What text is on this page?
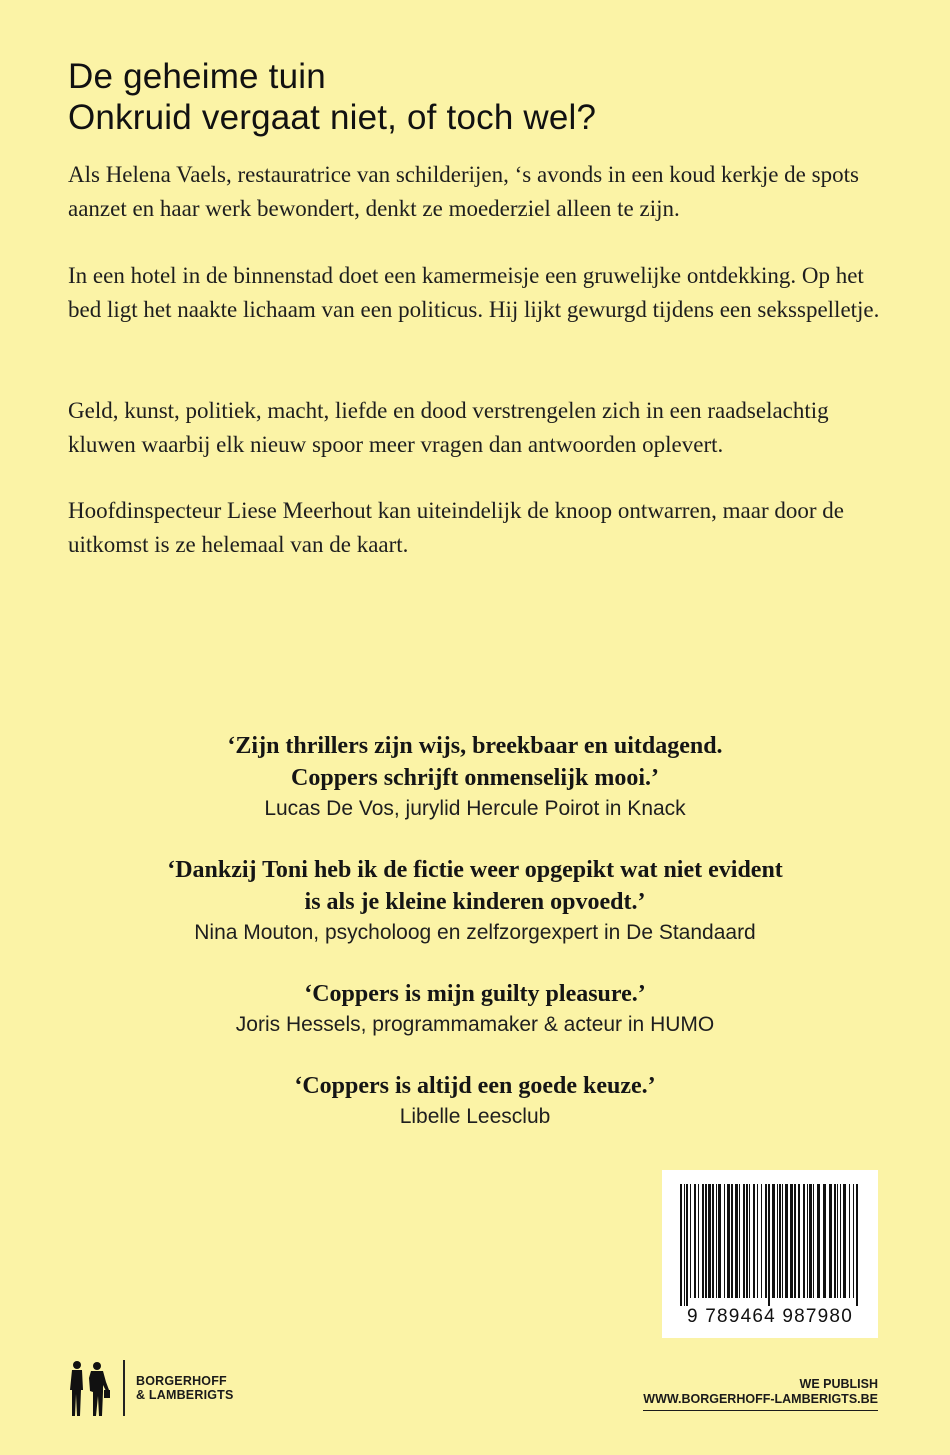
De geheime tuin
Onkruid vergaat niet, of toch wel?
Als Helena Vaels, restauratrice van schilderijen, ‘s avonds in een koud kerkje de spots aanzet en haar werk bewondert, denkt ze moederziel alleen te zijn.
In een hotel in de binnenstad doet een kamermeisje een gruwelijke ontdekking. Op het bed ligt het naakte lichaam van een politicus. Hij lijkt gewurgd tijdens een seksspelletje.
Geld, kunst, politiek, macht, liefde en dood verstrengelen zich in een raadselachtig kluwen waarbij elk nieuw spoor meer vragen dan antwoorden oplevert.
Hoofdinspecteur Liese Meerhout kan uiteindelijk de knoop ontwarren, maar door de uitkomst is ze helemaal van de kaart.
‘Zijn thrillers zijn wijs, breekbaar en uitdagend.
Coppers schrijft onmenselijk mooi.’
Lucas De Vos, jurylid Hercule Poirot in Knack
‘Dankzij Toni heb ik de fictie weer opgepikt wat niet evident
is als je kleine kinderen opvoedt.’
Nina Mouton, psycholoog en zelfzorgexpert in De Standaard
‘Coppers is mijn guilty pleasure.’
Joris Hessels, programmamaker & acteur in HUMO
‘Coppers is altijd een goede keuze.’
Libelle Leesclub
9 789464 987980
BORGERHOFF
& LAMBERIGTS
WE PUBLISH
WWW.BORGERHOFF-LAMBERIGTS.BE
